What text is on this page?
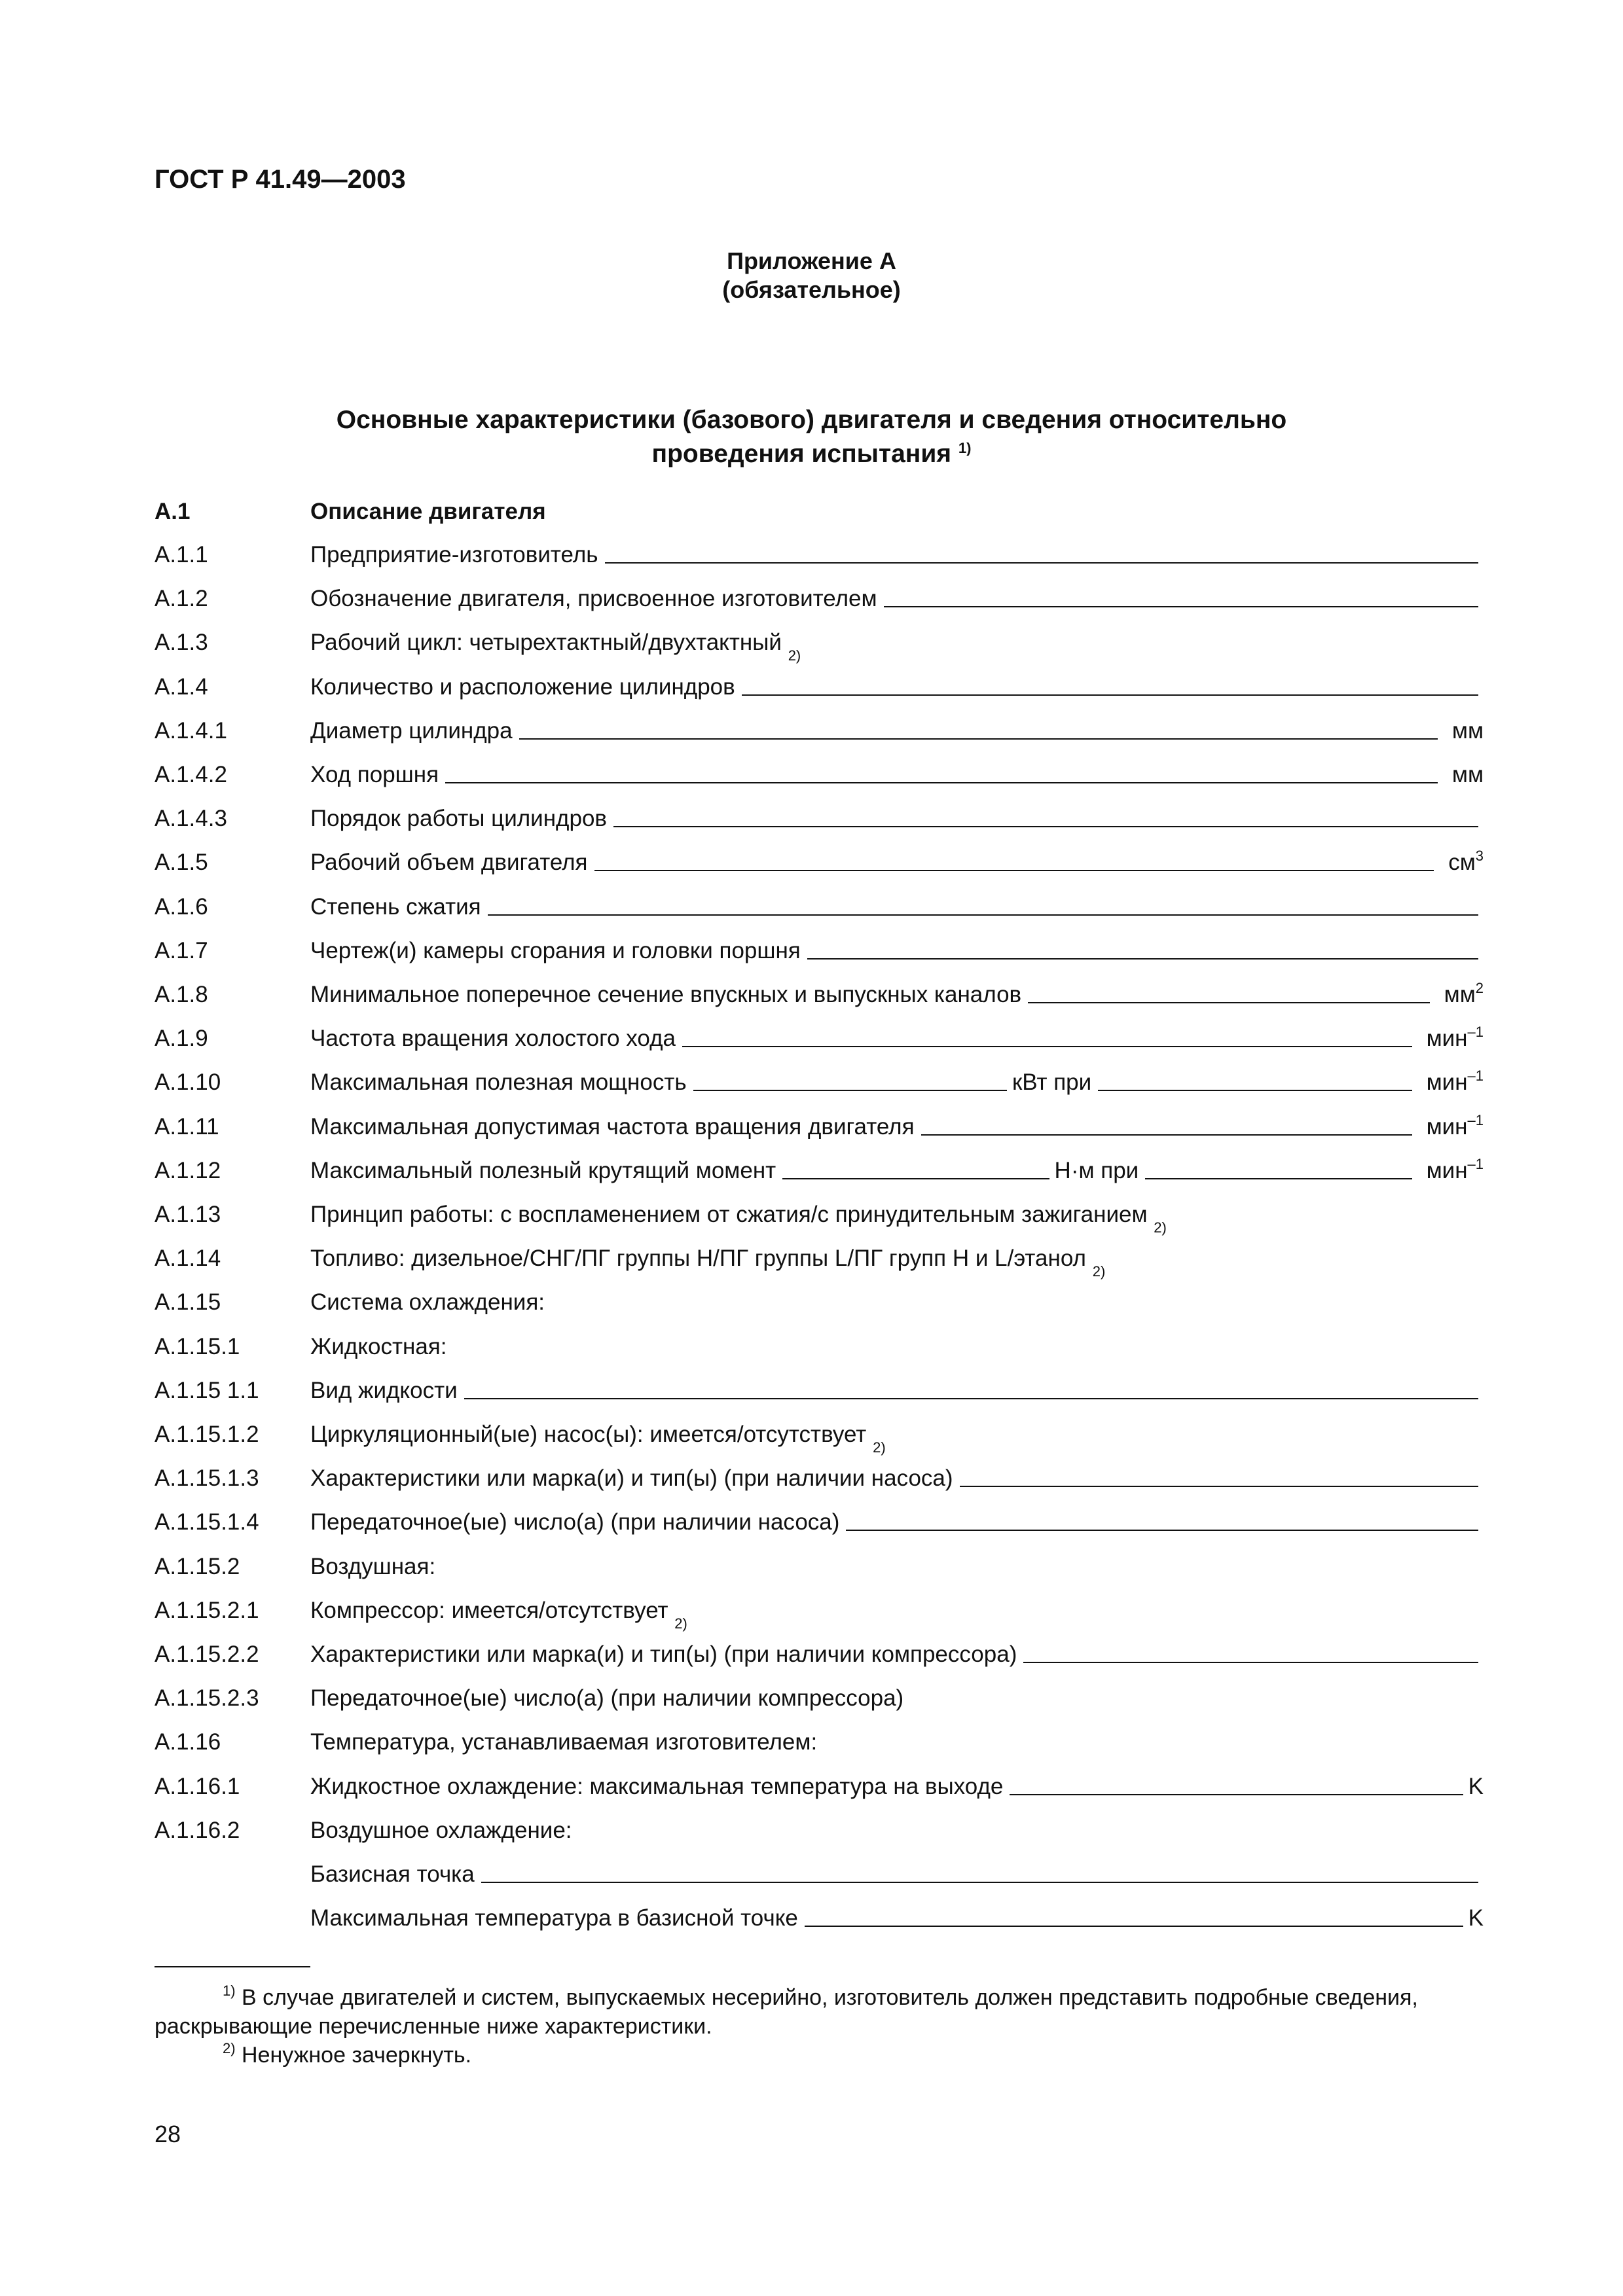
ГОСТ Р 41.49—2003
Приложение А
(обязательное)
Основные характеристики (базового) двигателя и сведения относительно
проведения испытания $^{1)}$
А.1	Описание двигателя
А.1.1	Предприятие-изготовитель
А.1.2	Обозначение двигателя, присвоенное изготовителем
А.1.3	Рабочий цикл: четырехтактный/двухтактный

2)
А.1.4	Количество и расположение цилиндров
А.1.4.1	Диаметр цилиндра	мм
А.1.4.2	Ход поршня	мм
А.1.4.3	Порядок работы цилиндров
А.1.5	Рабочий объем двигателя	$см^3$
А.1.6	Степень сжатия
А.1.7	Чертеж(и) камеры сгорания и головки поршня
А.1.8	Минимальное поперечное сечение впускных и выпускных каналов	$мм^2$
А.1.9	Частота вращения холостого хода	мин$^{-1}$
А.1.10	Максимальная полезная мощность	кВт при	мин$^{-1}$
А.1.11	Максимальная допустимая частота вращения двигателя	мин$^{-1}$
А.1.12	Максимальный полезный крутящий момент	Н·м при	мин$^{-1}$
А.1.13	Принцип работы: с воспламенением от сжатия/с принудительным зажиганием

2)
А.1.14	Топливо: дизельное/СНГ/ПГ группы H/ПГ группы L/ПГ групп H и L/этанол

2)
А.1.15	Система охлаждения:
А.1.15.1	Жидкостная:
А.1.15 1.1	Вид жидкости
А.1.15.1.2	Циркуляционный(ые) насос(ы): имеется/отсутствует

2)
А.1.15.1.3	Характеристики или марка(и) и тип(ы) (при наличии насоса)
А.1.15.1.4	Передаточное(ые) число(а) (при наличии насоса)
А.1.15.2	Воздушная:
А.1.15.2.1	Компрессор: имеется/отсутствует

2)
А.1.15.2.2	Характеристики или марка(и) и тип(ы) (при наличии компрессора)
А.1.15.2.3	Передаточное(ые) число(а) (при наличии компрессора)
А.1.16	Температура, устанавливаемая изготовителем:
А.1.16.1	Жидкостное охлаждение: максимальная температура на выходе	K
А.1.16.2	Воздушное охлаждение:
Базисная точка
Максимальная температура в базисной точке	K
$^{1)}$ В случае двигателей и систем, выпускаемых несерийно, изготовитель должен представить подробные сведения, раскрывающие перечисленные ниже характеристики.
$^{2)}$ Ненужное зачеркнуть.
28
